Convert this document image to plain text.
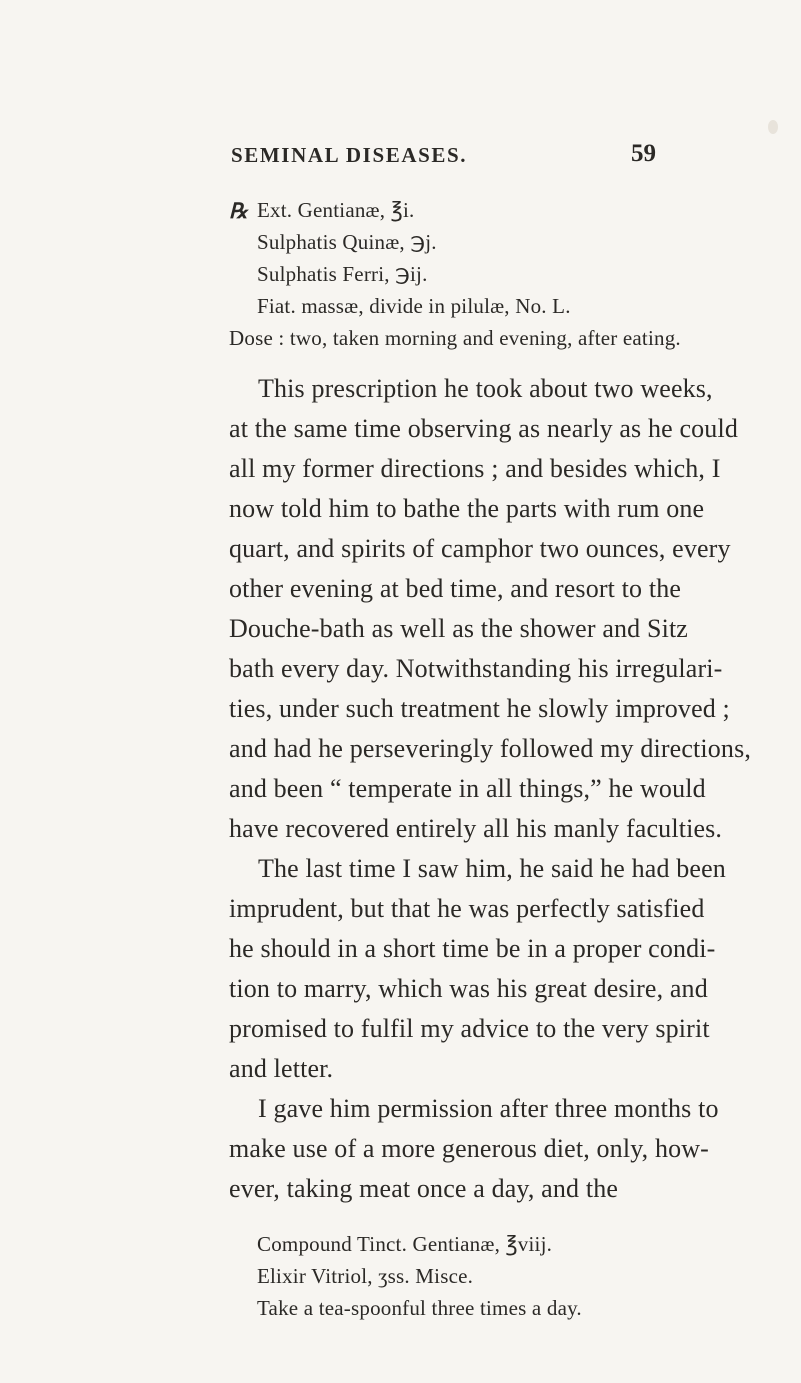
SEMINAL DISEASES.	59
℞ Ext. Gentianæ, ℥i.
Sulphatis Quinæ, ℈j.
Sulphatis Ferri, ℈ij.
Fiat. massæ, divide in pilulæ, No. L.
Dose : two, taken morning and evening, after eating.
This prescription he took about two weeks,
at the same time observing as nearly as he could
all my former directions ; and besides which, I
now told him to bathe the parts with rum one
quart, and spirits of camphor two ounces, every
other evening at bed time, and resort to the
Douche-bath as well as the shower and Sitz
bath every day. Notwithstanding his irregulari-
ties, under such treatment he slowly improved ;
and had he perseveringly followed my directions,
and been “ temperate in all things,” he would
have recovered entirely all his manly faculties.
The last time I saw him, he said he had been
imprudent, but that he was perfectly satisfied
he should in a short time be in a proper condi-
tion to marry, which was his great desire, and
promised to fulfil my advice to the very spirit
and letter.
I gave him permission after three months to
make use of a more generous diet, only, how-
ever, taking meat once a day, and the
Compound Tinct. Gentianæ, ℥viij.
Elixir Vitriol, ʒss. Misce.
Take a tea-spoonful three times a day.
